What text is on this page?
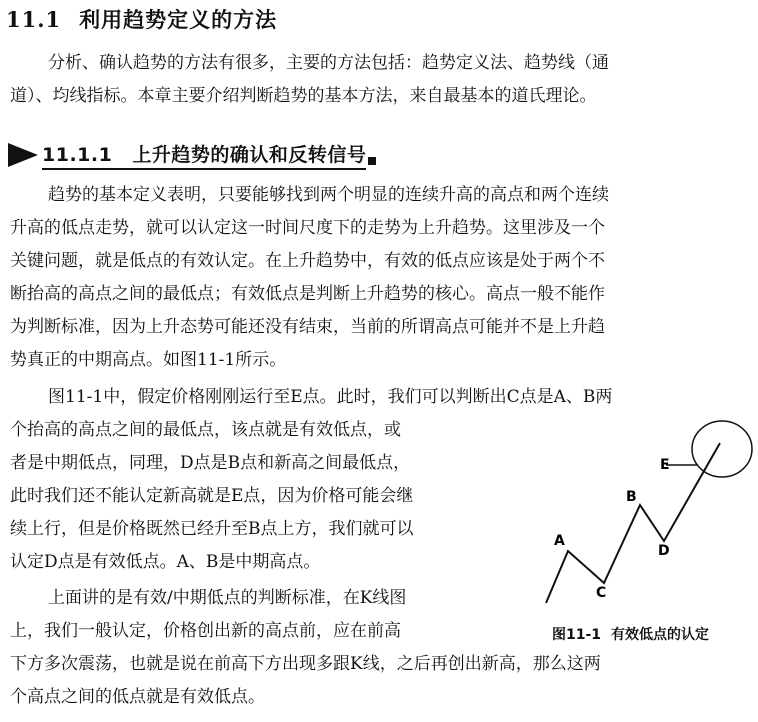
11.1 利用趋势定义的方法
分析、确认趋势的方法有很多，主要的方法包括：趋势定义法、趋势线（通
道）、均线指标。本章主要介绍判断趋势的基本方法，来自最基本的道氏理论。
11.1.1 上升趋势的确认和反转信号
趋势的基本定义表明，只要能够找到两个明显的连续升高的高点和两个连续
升高的低点走势，就可以认定这一时间尺度下的走势为上升趋势。这里涉及一个
关键问题，就是低点的有效认定。在上升趋势中，有效的低点应该是处于两个不
断抬高的高点之间的最低点；有效低点是判断上升趋势的核心。高点一般不能作
为判断标准，因为上升态势可能还没有结束，当前的所谓高点可能并不是上升趋
势真正的中期高点。如图11-1所示。
图11-1中，假定价格刚刚运行至E点。此时，我们可以判断出C点是A、B两
个抬高的高点之间的最低点，该点就是有效低点，或
者是中期低点，同理，D点是B点和新高之间最低点，
此时我们还不能认定新高就是E点，因为价格可能会继
续上行，但是价格既然已经升至B点上方，我们就可以
认定D点是有效低点。A、B是中期高点。
上面讲的是有效/中期低点的判断标准，在K线图
上，我们一般认定，价格创出新的高点前，应在前高
下方多次震荡，也就是说在前高下方出现多跟K线，之后再创出新高，那么这两
个高点之间的低点就是有效低点。
A
B
C
D
E
图11-1 有效低点的认定
